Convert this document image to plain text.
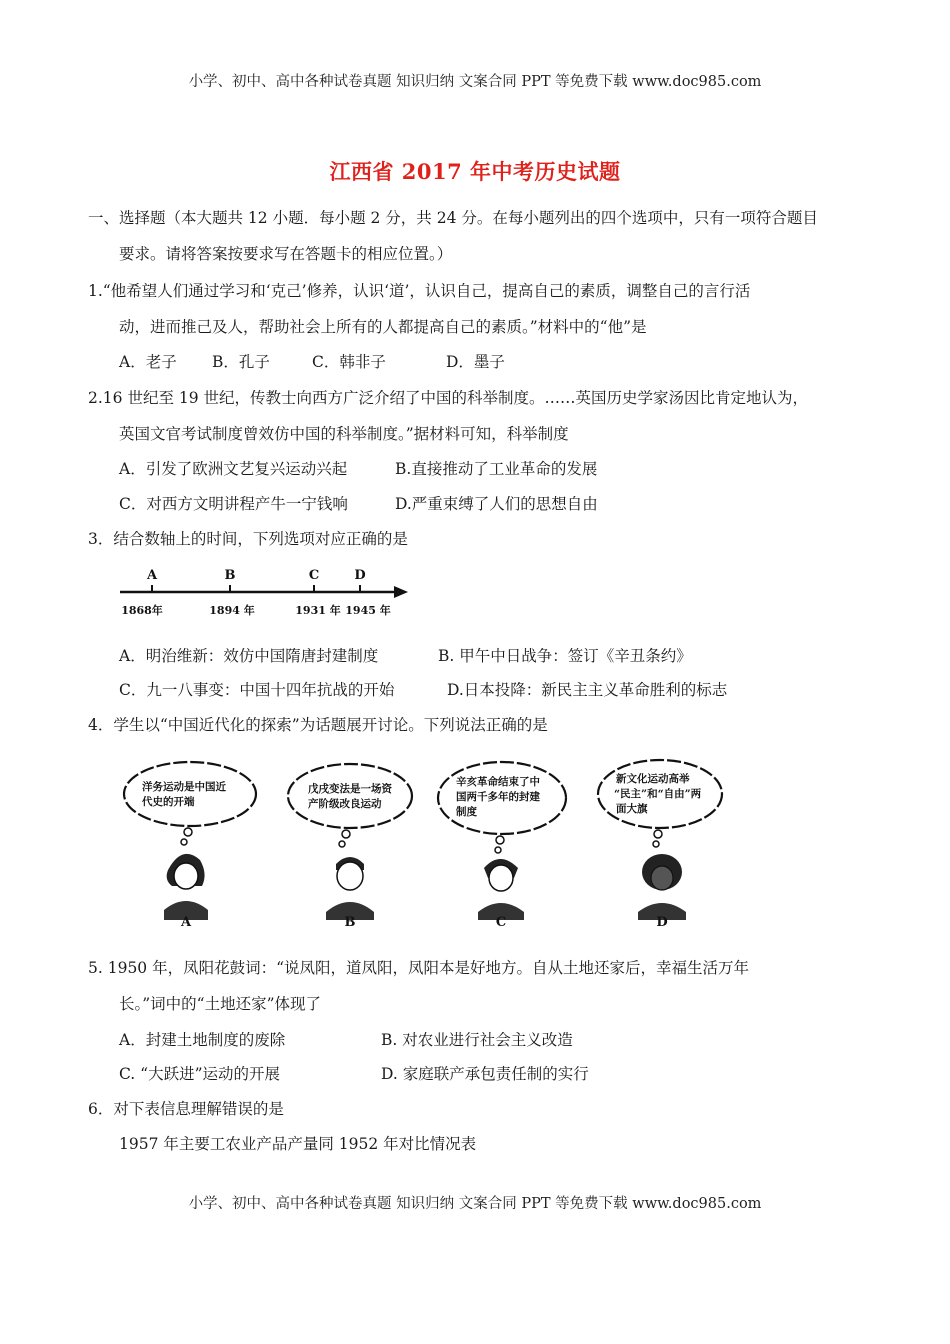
小学、初中、高中各种试卷真题 知识归纳 文案合同 PPT 等免费下载 www.doc985.com
江西省 2017 年中考历史试题
一、选择题（本大题共 12 小题．每小题 2 分，共 24 分。在每小题列出的四个选项中，只有一项符合题目
要求。请将答案按要求写在答题卡的相应位置。）
1.“他希望人们通过学习和‘克己’修养，认识‘道’，认识自己，提高自己的素质，调整自己的言行活
动，进而推己及人，帮助社会上所有的人都提高自己的素质。”材料中的“他”是
A．老子 B．孔子	C．韩非子	D．墨子
2.16 世纪至 19 世纪，传教士向西方广泛介绍了中国的科举制度。……英国历史学家汤因比肯定地认为，
英国文官考试制度曾效仿中国的科举制度。”据材料可知，科举制度
A．引发了欧洲文艺复兴运动兴起	B.直接推动了工业革命的发展
C．对西方文明讲程产牛一宁钱响	D.严重束缚了人们的思想自由
3．结合数轴上的时间，下列选项对应正确的是
A	B	C	D
1868年	1894 年	1931 年 1945 年
A．明治维新：效仿中国隋唐封建制度	B. 甲午中日战争：签订《辛丑条约》
C．九一八事变：中国十四年抗战的开始	D.日本投降：新民主主义革命胜利的标志
4．学生以“中国近代化的探索”为话题展开讨论。下列说法正确的是
洋务运动是中国近
代史的开端
A
戊戌变法是一场资
产阶级改良运动
B
辛亥革命结束了中
国两千多年的封建
制度
C
新文化运动高举
“民主”和“自由”两
面大旗
D
5. 1950 年，凤阳花鼓词：“说凤阳，道凤阳，凤阳本是好地方。自从土地还家后，幸福生活万年
长。”词中的“土地还家”体现了
A．封建土地制度的废除	B. 对农业进行社会主义改造
C. “大跃进”运动的开展	D. 家庭联产承包责任制的实行
6．对下表信息理解错误的是
1957 年主要工农业产品产量同 1952 年对比情况表
小学、初中、高中各种试卷真题 知识归纳 文案合同 PPT 等免费下载 www.doc985.com
